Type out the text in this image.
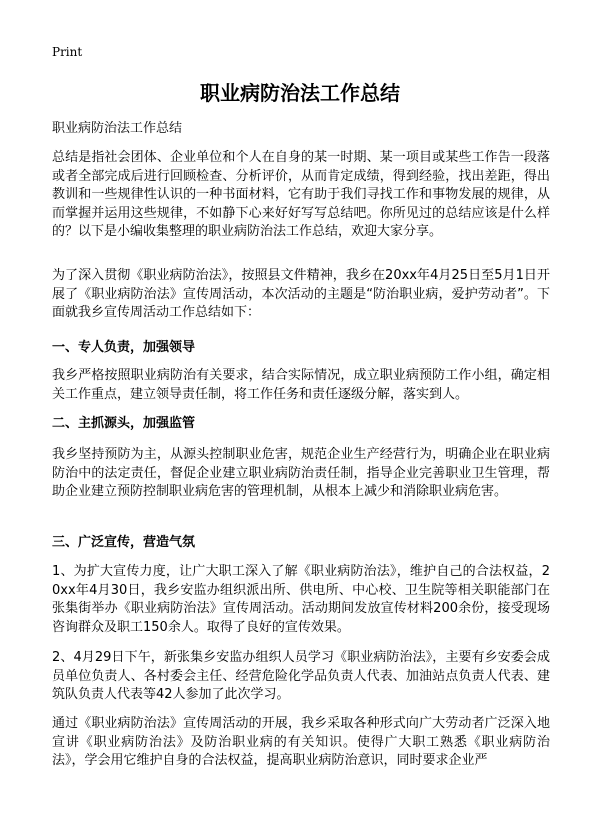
Print
职业病防治法工作总结

职业病防治法工作总结

总结是指社会团体、企业单位和个人在自身的某一时期、某一项目或某些工作告一段落或者全部完成后进行回顾检查、分析评价，从而肯定成绩，得到经验，找出差距，得出教训和一些规律性认识的一种书面材料，它有助于我们寻找工作和事物发展的规律，从而掌握并运用这些规律，不如静下心来好好写写总结吧。你所见过的总结应该是什么样的？以下是小编收集整理的职业病防治法工作总结，欢迎大家分享。

为了深入贯彻《职业病防治法》，按照县文件精神，我乡在20xx年4月25日至5月1日开展了《职业病防治法》宣传周活动，本次活动的主题是“防治职业病，爱护劳动者”。下面就我乡宣传周活动工作总结如下：

一、专人负责，加强领导

我乡严格按照职业病防治有关要求，结合实际情况，成立职业病预防工作小组，确定相关工作重点，建立领导责任制，将工作任务和责任逐级分解，落实到人。

二、主抓源头，加强监管

我乡坚持预防为主，从源头控制职业危害，规范企业生产经营行为，明确企业在职业病防治中的法定责任，督促企业建立职业病防治责任制，指导企业完善职业卫生管理，帮助企业建立预防控制职业病危害的管理机制，从根本上减少和消除职业病危害。

三、广泛宣传，营造气氛

1、为扩大宣传力度，让广大职工深入了解《职业病防治法》，维护自己的合法权益，20xx年4月30日，我乡安监办组织派出所、供电所、中心校、卫生院等相关职能部门在张集街举办《职业病防治法》宣传周活动。活动期间发放宣传材料200余份，接受现场咨询群众及职工150余人。取得了良好的宣传效果。

2、4月29日下午，新张集乡安监办组织人员学习《职业病防治法》，主要有乡安委会成员单位负责人、各村委会主任、经营危险化学品负责人代表、加油站点负责人代表、建筑队负责人代表等42人参加了此次学习。

通过《职业病防治法》宣传周活动的开展，我乡采取各种形式向广大劳动者广泛深入地宣讲《职业病防治法》及防治职业病的有关知识。使得广大职工熟悉《职业病防治法》，学会用它维护自身的合法权益，提高职业病防治意识，同时要求企业严
